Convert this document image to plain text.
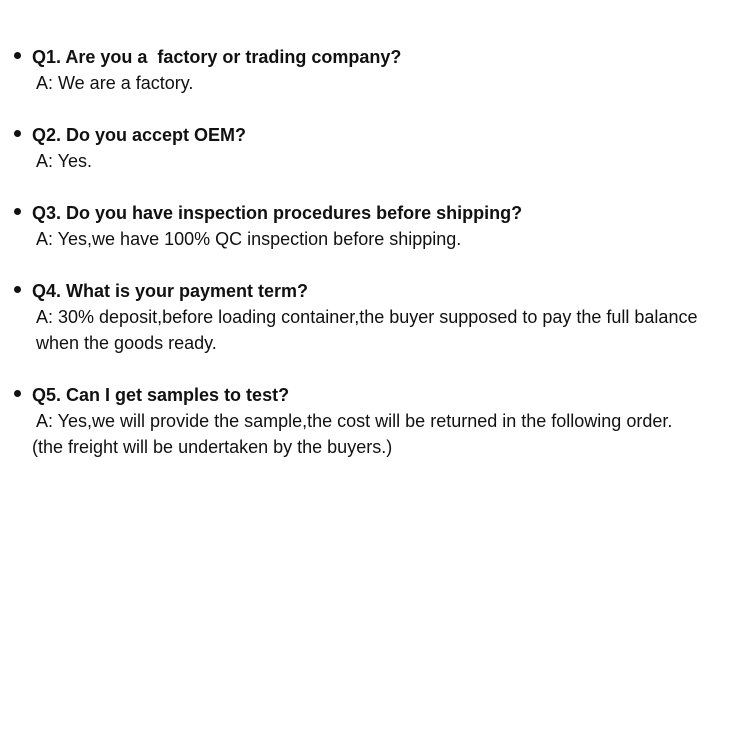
Q1. Are you a  factory or trading company?
A: We are a factory.
Q2. Do you accept OEM?
A: Yes.
Q3. Do you have inspection procedures before shipping?
A: Yes,we have 100% QC inspection before shipping.
Q4. What is your payment term?
A: 30% deposit,before loading container,the buyer supposed to pay the full balance when the goods ready.
Q5. Can I get samples to test?
A: Yes,we will provide the sample,the cost will be returned in the following order.
(the freight will be undertaken by the buyers.)
